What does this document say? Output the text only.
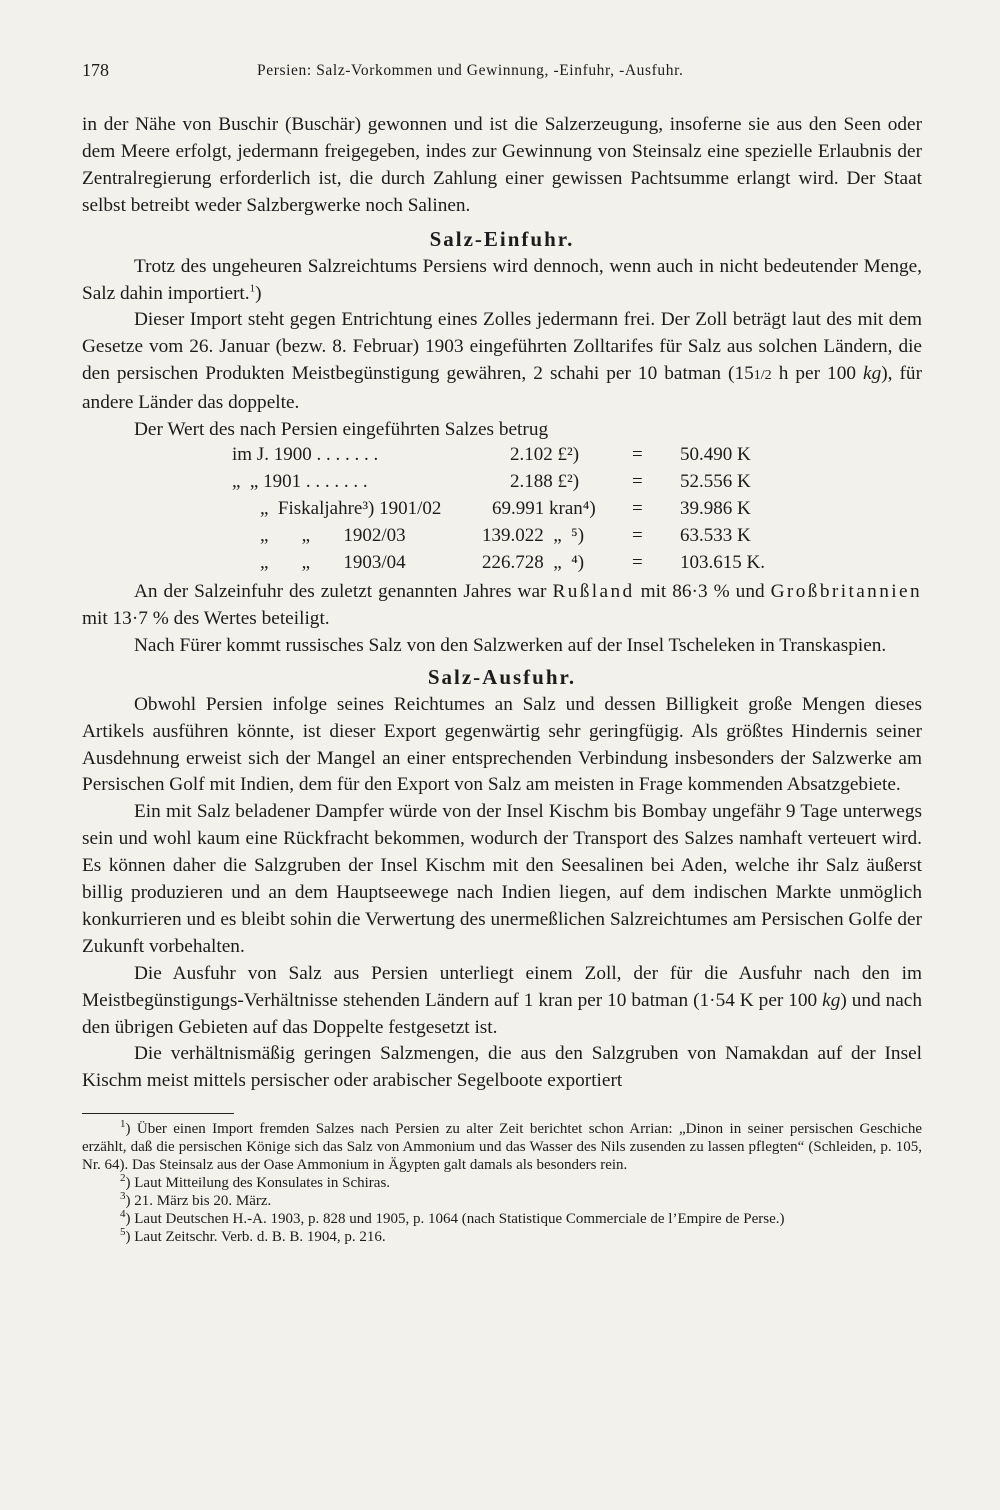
178	Persien: Salz-Vorkommen und Gewinnung, -Einfuhr, -Ausfuhr.

in der Nähe von Buschir (Buschär) gewonnen und ist die Salzerzeugung, insoferne sie aus den Seen oder dem Meere erfolgt, jedermann freigegeben, indes zur Gewinnung von Steinsalz eine spezielle Erlaubnis der Zentralregierung erforderlich ist, die durch Zahlung einer gewissen Pachtsumme erlangt wird. Der Staat selbst betreibt weder Salzbergwerke noch Salinen.

Salz-Einfuhr.

Trotz des ungeheuren Salzreichtums Persiens wird dennoch, wenn auch in nicht bedeutender Menge, Salz dahin importiert.$^1$)

Dieser Import steht gegen Entrichtung eines Zolles jedermann frei. Der Zoll beträgt laut des mit dem Gesetze vom 26. Januar (bezw. 8. Februar) 1903 eingeführten Zolltarifes für Salz aus solchen Ländern, die den persischen Produkten Meistbegünstigung gewähren, 2 schahi per 10 batman (151/2 h per 100 kg), für andere Länder das doppelte.

Der Wert des nach Persien eingeführten Salzes betrug

im J. 1900 . . . . . . .	2.102 £²)	= 50.490 K
„  „ 1901 . . . . . . .	2.188 £²)	= 52.556 K
„  Fiskaljahre³) 1901/02	69.991 kran⁴) = 39.986 K
„       „       1902/03	139.022  „  ⁵)	= 63.533 K
„       „       1903/04	226.728  „  ⁴)	= 103.615 K.

An der Salzeinfuhr des zuletzt genannten Jahres war Rußland mit 86·3 % und Großbritannien mit 13·7 % des Wertes beteiligt.

Nach Fürer kommt russisches Salz von den Salzwerken auf der Insel Tscheleken in Transkaspien.

Salz-Ausfuhr.

Obwohl Persien infolge seines Reichtumes an Salz und dessen Billigkeit große Mengen dieses Artikels ausführen könnte, ist dieser Export gegenwärtig sehr geringfügig. Als größtes Hindernis seiner Ausdehnung erweist sich der Mangel an einer entsprechenden Verbindung insbesonders der Salzwerke am Persischen Golf mit Indien, dem für den Export von Salz am meisten in Frage kommenden Absatzgebiete.

Ein mit Salz beladener Dampfer würde von der Insel Kischm bis Bombay ungefähr 9 Tage unterwegs sein und wohl kaum eine Rückfracht bekommen, wodurch der Transport des Salzes namhaft verteuert wird. Es können daher die Salzgruben der Insel Kischm mit den Seesalinen bei Aden, welche ihr Salz äußerst billig produzieren und an dem Hauptseewege nach Indien liegen, auf dem indischen Markte unmöglich konkurrieren und es bleibt sohin die Verwertung des unermeßlichen Salzreichtumes am Persischen Golfe der Zukunft vorbehalten.

Die Ausfuhr von Salz aus Persien unterliegt einem Zoll, der für die Ausfuhr nach den im Meistbegünstigungs-Verhältnisse stehenden Ländern auf 1 kran per 10 batman (1·54 K per 100 kg) und nach den übrigen Gebieten auf das Doppelte festgesetzt ist.

Die verhältnismäßig geringen Salzmengen, die aus den Salzgruben von Namakdan auf der Insel Kischm meist mittels persischer oder arabischer Segelboote exportiert

$^1$) Über einen Import fremden Salzes nach Persien zu alter Zeit berichtet schon Arrian: „Dinon in seiner persischen Geschiche erzählt, daß die persischen Könige sich das Salz von Ammonium und das Wasser des Nils zusenden zu lassen pflegten“ (Schleiden, p. 105, Nr. 64). Das Steinsalz aus der Oase Ammonium in Ägypten galt damals als besonders rein.

$^2$) Laut Mitteilung des Konsulates in Schiras.

$^3$) 21. März bis 20. März.

$^4$) Laut Deutschen H.-A. 1903, p. 828 und 1905, p. 1064 (nach Statistique Commerciale de l’Empire de Perse.)

$^5$) Laut Zeitschr. Verb. d. B. B. 1904, p. 216.
